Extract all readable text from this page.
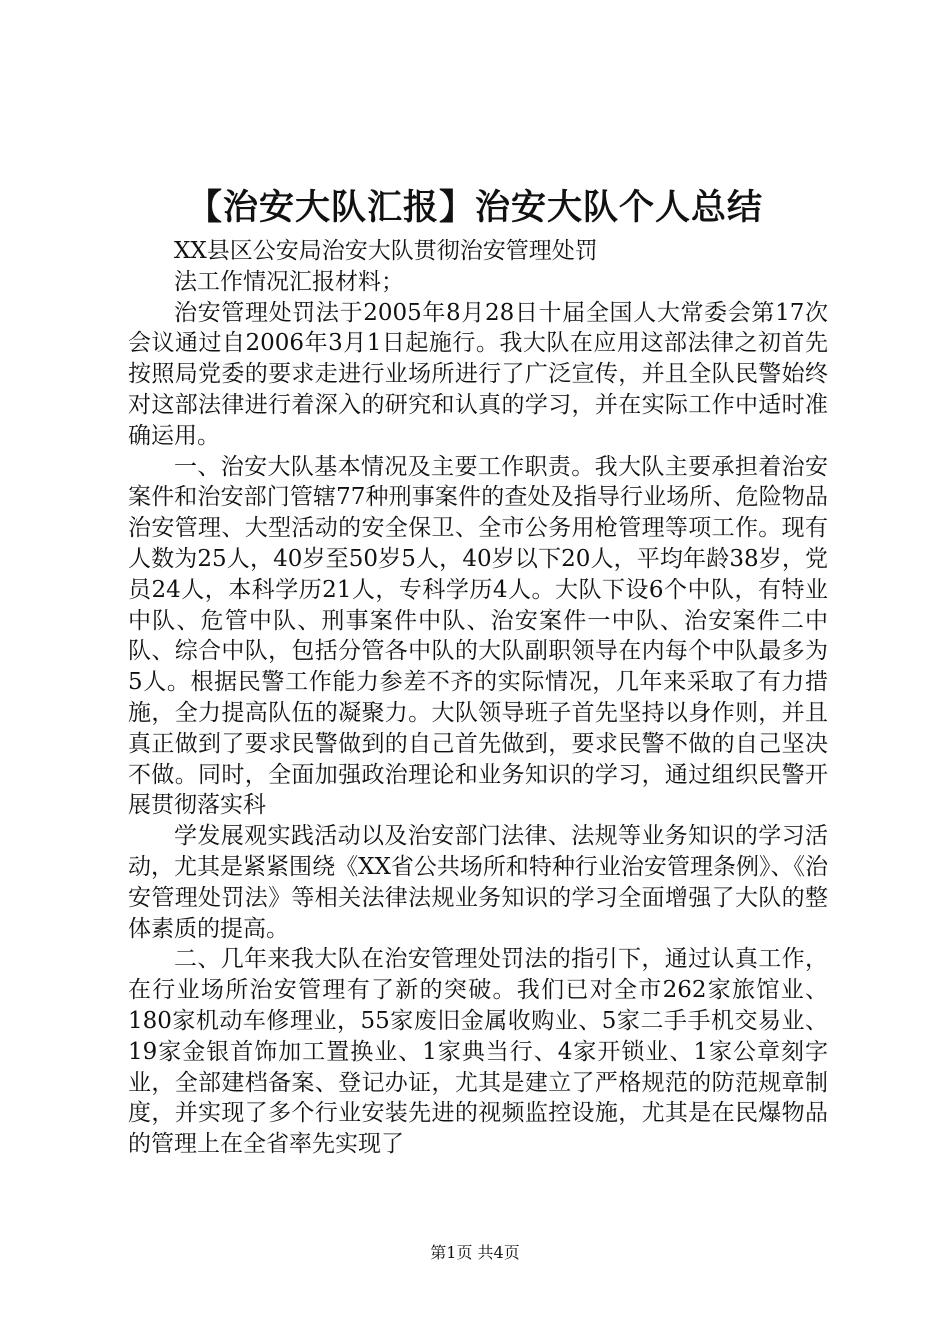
【治安大队汇报】治安大队个人总结
XX县区公安局治安大队贯彻治安管理处罚
法工作情况汇报材料；

治安管理处罚法于2005年8月28日十届全国人大常委会第17次会议通过自2006年3月1日起施行。我大队在应用这部法律之初首先按照局党委的要求走进行业场所进行了广泛宣传，并且全队民警始终对这部法律进行着深入的研究和认真的学习，并在实际工作中适时准确运用。

一、治安大队基本情况及主要工作职责。我大队主要承担着治安案件和治安部门管辖77种刑事案件的查处及指导行业场所、危险物品治安管理、大型活动的安全保卫、全市公务用枪管理等项工作。现有人数为25人，40岁至50岁5人，40岁以下20人，平均年龄38岁，党员24人，本科学历21人，专科学历4人。大队下设6个中队，有特业中队、危管中队、刑事案件中队、治安案件一中队、治安案件二中队、综合中队，包括分管各中队的大队副职领导在内每个中队最多为5人。根据民警工作能力参差不齐的实际情况，几年来采取了有力措施，全力提高队伍的凝聚力。大队领导班子首先坚持以身作则，并且真正做到了要求民警做到的自己首先做到，要求民警不做的自己坚决不做。同时，全面加强政治理论和业务知识的学习，通过组织民警开展贯彻落实科

学发展观实践活动以及治安部门法律、法规等业务知识的学习活动，尤其是紧紧围绕《XX省公共场所和特种行业治安管理条例》、《治安管理处罚法》等相关法律法规业务知识的学习全面增强了大队的整体素质的提高。

二、几年来我大队在治安管理处罚法的指引下，通过认真工作，在行业场所治安管理有了新的突破。我们已对全市262家旅馆业、180家机动车修理业，55家废旧金属收购业、5家二手手机交易业、19家金银首饰加工置换业、1家典当行、4家开锁业、1家公章刻字业，全部建档备案、登记办证，尤其是建立了严格规范的防范规章制度，并实现了多个行业安装先进的视频监控设施，尤其是在民爆物品的管理上在全省率先实现了

第1页 共4页
